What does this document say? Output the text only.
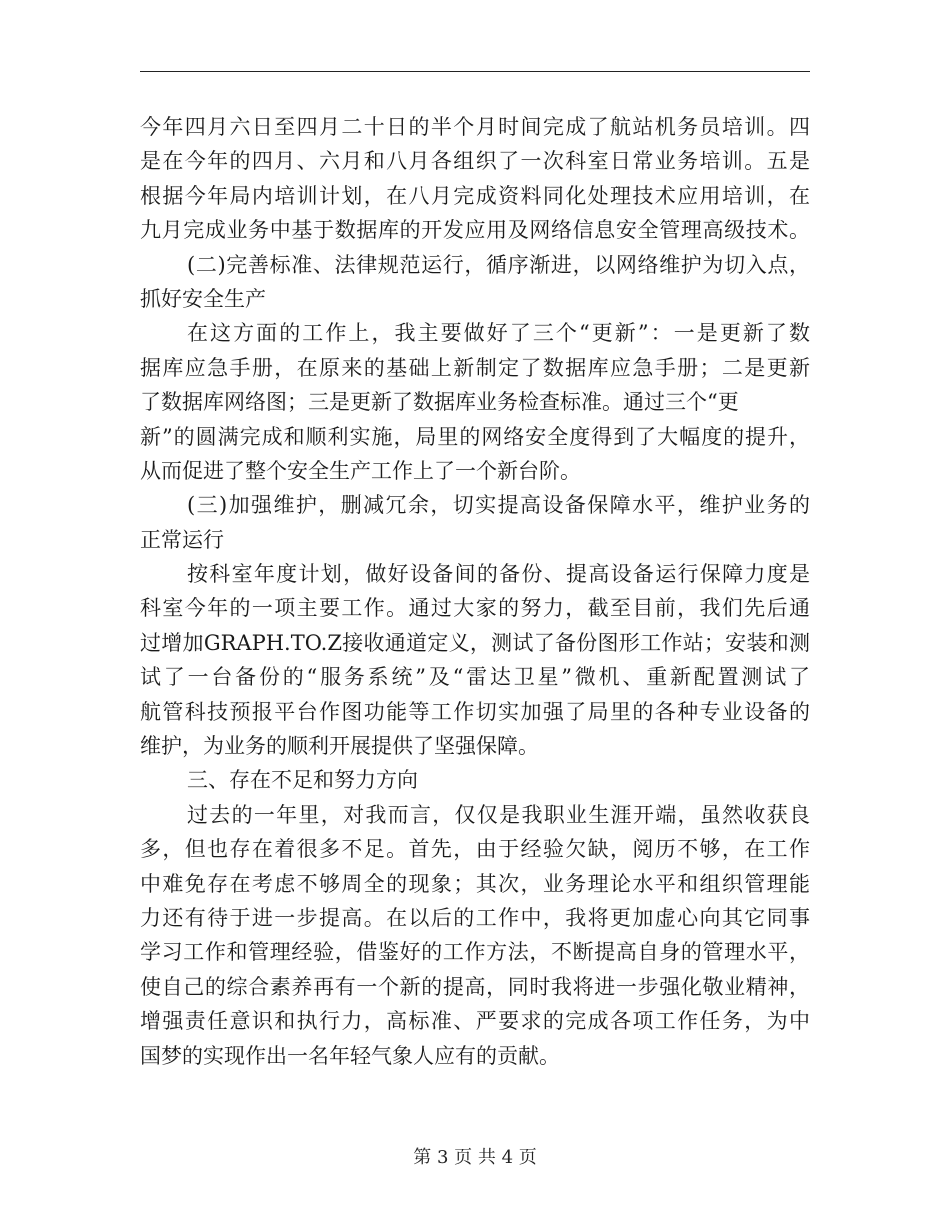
今年四月六日至四月二十日的半个月时间完成了航站机务员培训。四
是在今年的四月、六月和八月各组织了一次科室日常业务培训。五是
根据今年局内培训计划，在八月完成资料同化处理技术应用培训，在
九月完成业务中基于数据库的开发应用及网络信息安全管理高级技术。
(二)完善标准、法律规范运行，循序渐进，以网络维护为切入点，
抓好安全生产
在这方面的工作上，我主要做好了三个“更新”：一是更新了数
据库应急手册，在原来的基础上新制定了数据库应急手册；二是更新
了数据库网络图；三是更新了数据库业务检查标准。通过三个“更
新”的圆满完成和顺利实施，局里的网络安全度得到了大幅度的提升，
从而促进了整个安全生产工作上了一个新台阶。
(三)加强维护，删减冗余，切实提高设备保障水平，维护业务的
正常运行
按科室年度计划，做好设备间的备份、提高设备运行保障力度是
科室今年的一项主要工作。通过大家的努力，截至目前，我们先后通
过增加GRAPH.TO.Z接收通道定义，测试了备份图形工作站；安装和测
试了一台备份的“服务系统”及“雷达卫星”微机、重新配置测试了
航管科技预报平台作图功能等工作切实加强了局里的各种专业设备的
维护，为业务的顺利开展提供了坚强保障。
三、存在不足和努力方向
过去的一年里，对我而言，仅仅是我职业生涯开端，虽然收获良
多，但也存在着很多不足。首先，由于经验欠缺，阅历不够，在工作
中难免存在考虑不够周全的现象；其次，业务理论水平和组织管理能
力还有待于进一步提高。在以后的工作中，我将更加虚心向其它同事
学习工作和管理经验，借鉴好的工作方法，不断提高自身的管理水平，
使自己的综合素养再有一个新的提高，同时我将进一步强化敬业精神，
增强责任意识和执行力，高标准、严要求的完成各项工作任务，为中
国梦的实现作出一名年轻气象人应有的贡献。
第 3 页 共 4 页
